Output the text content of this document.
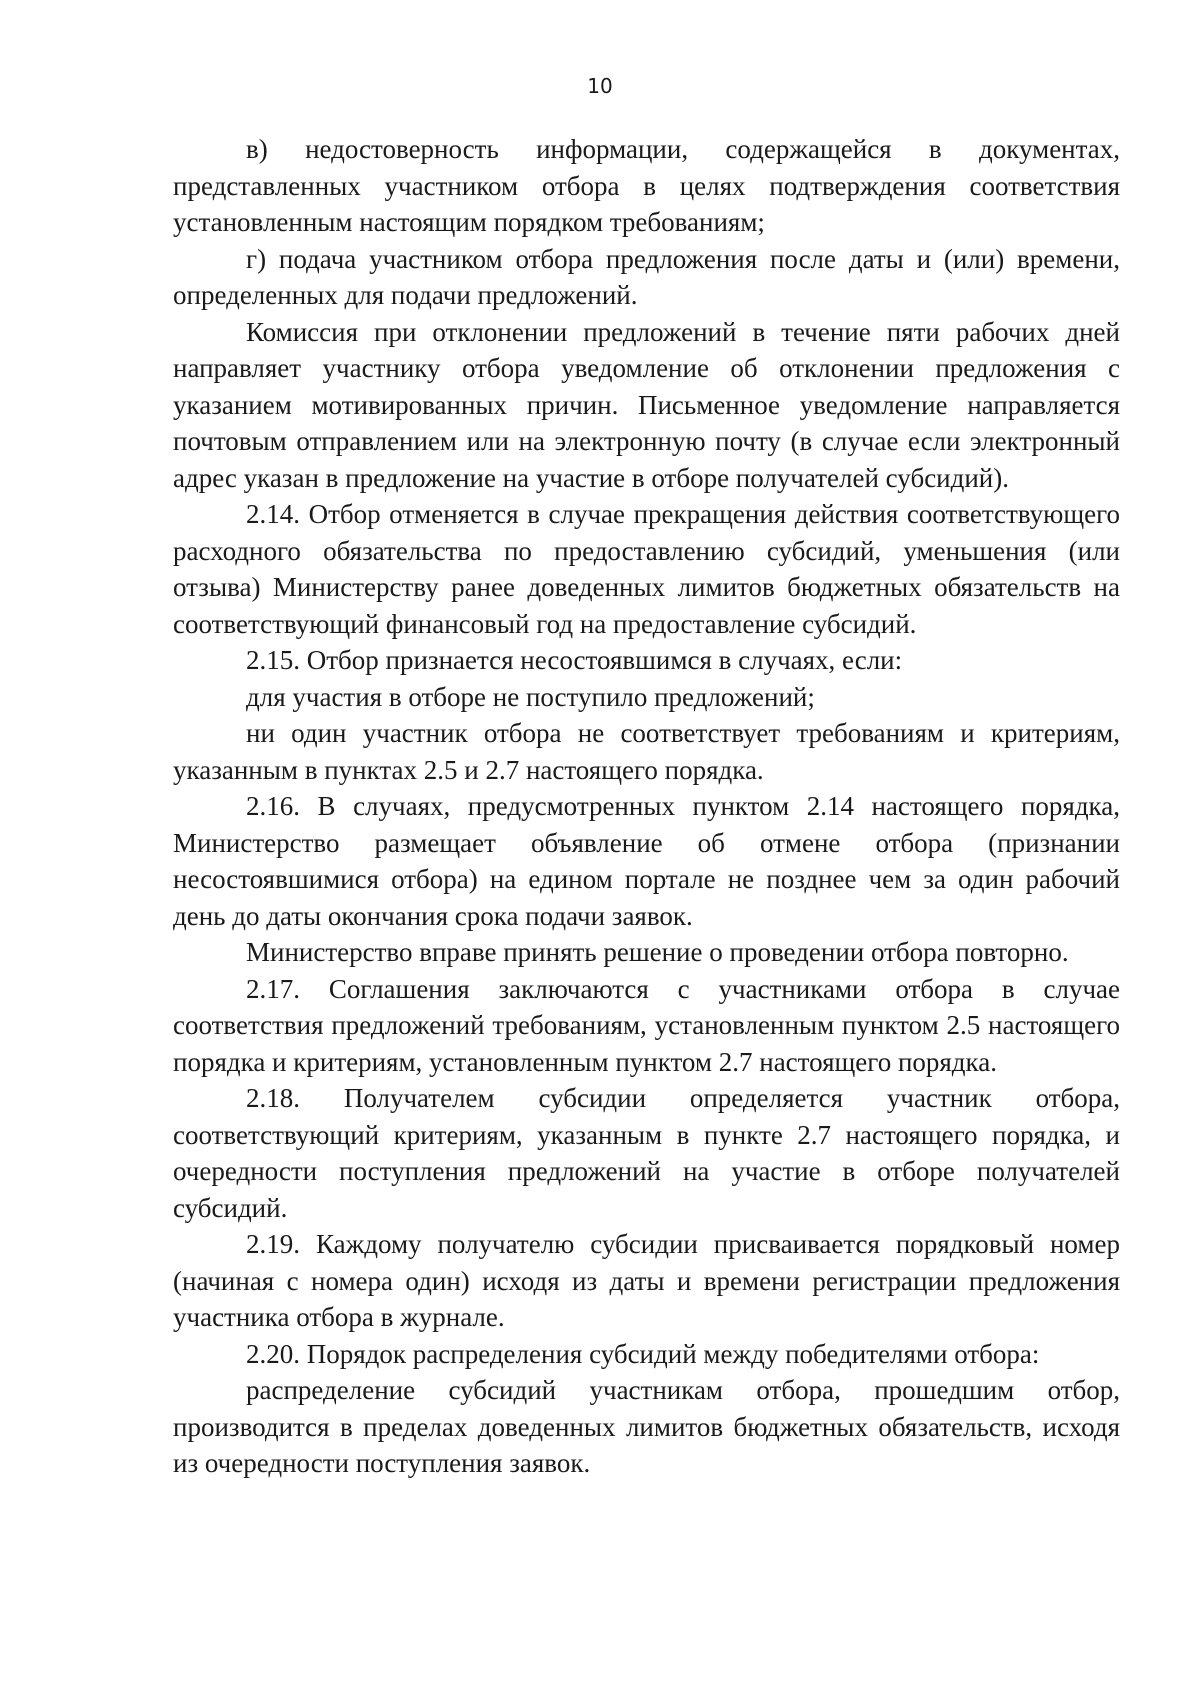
10

в) недостоверность информации, содержащейся в документах, представленных участником отбора в целях подтверждения соответствия установленным настоящим порядком требованиям;

г) подача участником отбора предложения после даты и (или) времени, определенных для подачи предложений.

Комиссия при отклонении предложений в течение пяти рабочих дней направляет участнику отбора уведомление об отклонении предложения с указанием мотивированных причин. Письменное уведомление направляется почтовым отправлением или на электронную почту (в случае если электронный адрес указан в предложение на участие в отборе получателей субсидий).

2.14. Отбор отменяется в случае прекращения действия соответствующего расходного обязательства по предоставлению субсидий, уменьшения (или отзыва) Министерству ранее доведенных лимитов бюджетных обязательств на соответствующий финансовый год на предоставление субсидий.

2.15. Отбор признается несостоявшимся в случаях, если:

для участия в отборе не поступило предложений;

ни один участник отбора не соответствует требованиям и критериям, указанным в пунктах 2.5 и 2.7 настоящего порядка.

2.16. В случаях, предусмотренных пунктом 2.14 настоящего порядка, Министерство размещает объявление об отмене отбора (признании несостоявшимися отбора) на едином портале не позднее чем за один рабочий день до даты окончания срока подачи заявок.

Министерство вправе принять решение о проведении отбора повторно.

2.17. Соглашения заключаются с участниками отбора в случае соответствия предложений требованиям, установленным пунктом 2.5 настоящего порядка и критериям, установленным пунктом 2.7 настоящего порядка.

2.18. Получателем субсидии определяется участник отбора, соответствующий критериям, указанным в пункте 2.7 настоящего порядка, и очередности поступления предложений на участие в отборе получателей субсидий.

2.19. Каждому получателю субсидии присваивается порядковый номер (начиная с номера один) исходя из даты и времени регистрации предложения участника отбора в журнале.

2.20. Порядок распределения субсидий между победителями отбора:

распределение субсидий участникам отбора, прошедшим отбор, производится в пределах доведенных лимитов бюджетных обязательств, исходя из очередности поступления заявок.
